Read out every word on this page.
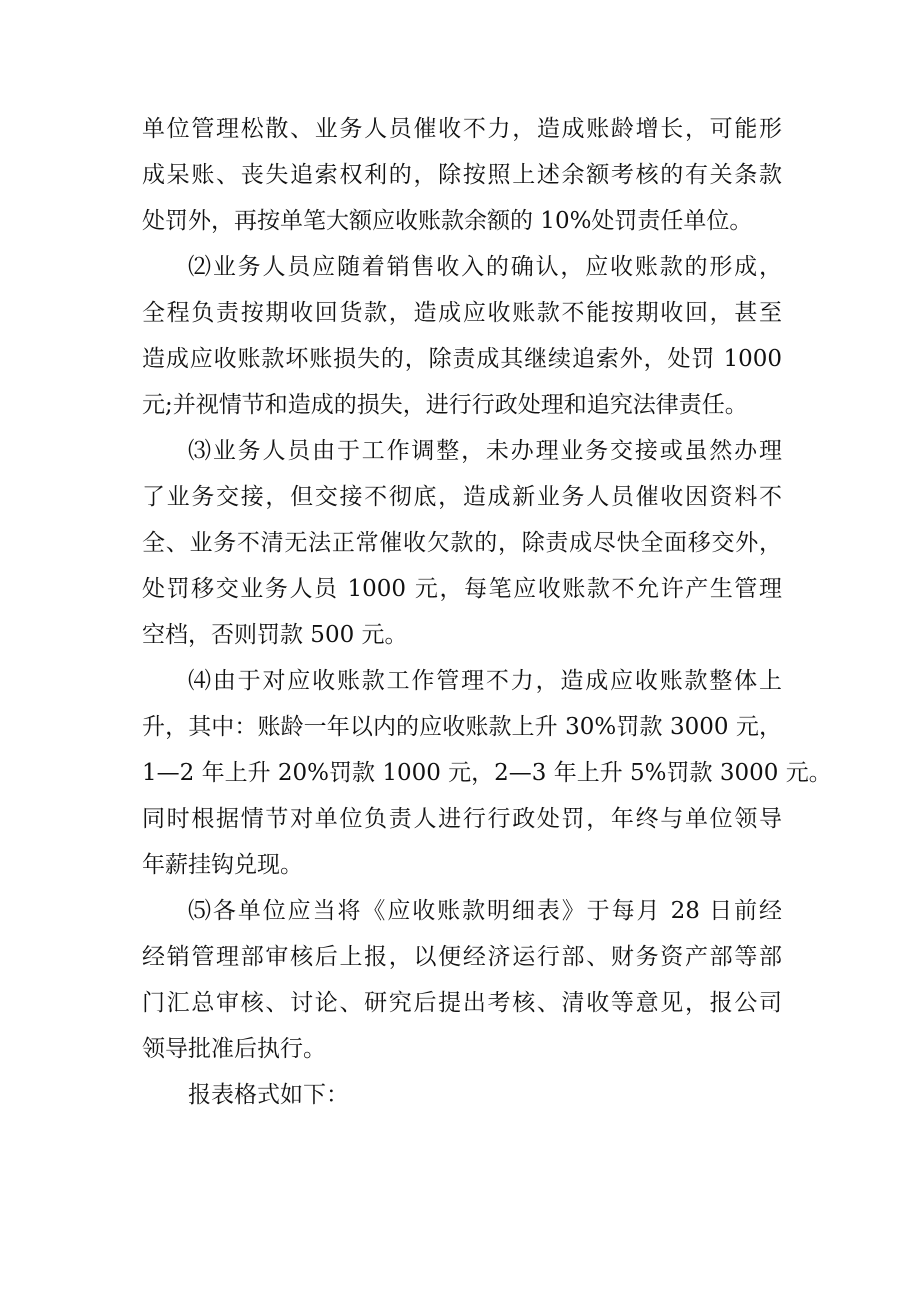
单位管理松散、业务人员催收不力，造成账龄增长，可能形
成呆账、丧失追索权利的，除按照上述余额考核的有关条款
处罚外，再按单笔大额应收账款余额的 10%处罚责任单位。
⑵业务人员应随着销售收入的确认，应收账款的形成，
全程负责按期收回货款，造成应收账款不能按期收回，甚至
造成应收账款坏账损失的，除责成其继续追索外，处罚 1000
元;并视情节和造成的损失，进行行政处理和追究法律责任。
⑶业务人员由于工作调整，未办理业务交接或虽然办理
了业务交接，但交接不彻底，造成新业务人员催收因资料不
全、业务不清无法正常催收欠款的，除责成尽快全面移交外，
处罚移交业务人员 1000 元，每笔应收账款不允许产生管理
空档，否则罚款 500 元。
⑷由于对应收账款工作管理不力，造成应收账款整体上
升，其中：账龄一年以内的应收账款上升 30%罚款 3000 元，
1—2 年上升 20%罚款 1000 元，2—3 年上升 5%罚款 3000 元。
同时根据情节对单位负责人进行行政处罚，年终与单位领导
年薪挂钩兑现。
⑸各单位应当将《应收账款明细表》于每月 28 日前经
经销管理部审核后上报，以便经济运行部、财务资产部等部
门汇总审核、讨论、研究后提出考核、清收等意见，报公司
领导批准后执行。
报表格式如下：
